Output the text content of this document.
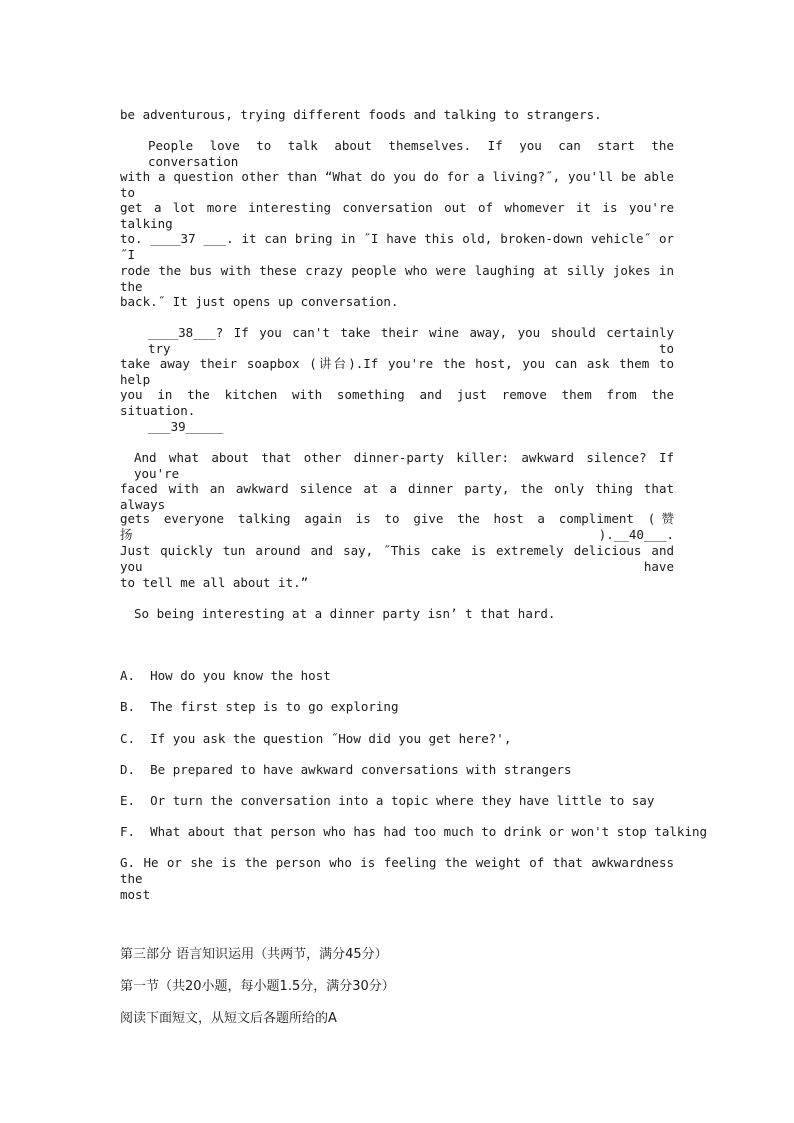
be adventurous, trying different foods and talking to strangers.
People love to talk about themselves. If you can start the conversation
with a question other than “What do you do for a living?˝, you'll be able to
get a lot more interesting conversation out of whomever it is you're talking
to. ____37 ___. it can bring in ˝I have this old, broken-down vehicle˝ or ˝I
rode the bus with these crazy people who were laughing at silly jokes in the
back.˝ It just opens up conversation.
____38___? If you can't take their wine away, you should certainly try to
take away their soapbox (讲台).If you're the host, you can ask them to help
you in the kitchen with something and just remove them from the situation.
___39_____
And what about that other dinner-party killer: awkward silence? If you're
faced with an awkward silence at a dinner party, the only thing that always
gets everyone talking again is to give the host a compliment (赞扬).__40___.
Just quickly tun around and say, ˝This cake is extremely delicious and you have
to tell me all about it.”
So being interesting at a dinner party isn’ t that hard.
A. How do you know the host
B. The first step is to go exploring
C. If you ask the question ˝How did you get here?',
D. Be prepared to have awkward conversations with strangers
E. Or turn the conversation into a topic where they have little to say
F. What about that person who has had too much to drink or won't stop talking
G. He or she is the person who is feeling the weight of that awkwardness the
most
第三部分 语言知识运用（共两节，满分45分）
第一节（共20小题，每小题1.5分，满分30分）
阅读下面短文，从短文后各题所给的A
